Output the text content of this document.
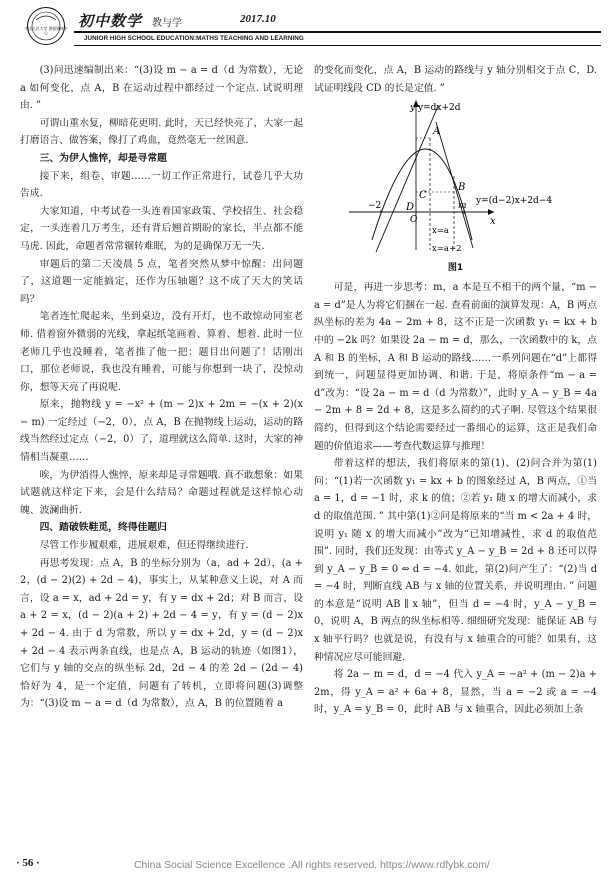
中国人民大学 書報資料中心
初中数学 教与学	2017.10
JUNIOR HIGH SCHOOL EDUCATION:MATHS TEACHING AND LEARNING

(3)问迅速编制出来：“(3)设 m − a = d（d 为常数），无论 a 如何变化，点 A，B 在运动过程中都经过一个定点. 试说明理由. ”

可谓山重水复，柳暗花更明. 此时，天已经快亮了，大家一起打磨语言、做答案，像打了鸡血，竟然毫无一丝困意.

三、为伊人憔悴，却是寻常题

接下来，组卷、审题……一切工作正常进行，试卷几乎大功告成.

大家知道，中考试卷一头连着国家政策、学校招生、社会稳定，一头连着几万考生，还有背后翘首期盼的家长，半点都不能马虎. 因此，命题者常常辗转难眠，为的是确保万无一失.

审题后的第二天凌晨 5 点，笔者突然从梦中惊醒：出问题了，这道题一定能搞定，还作为压轴题？这不成了天大的笑话吗？

笔者连忙爬起来，坐到桌边，没有开灯，也不敢惊动同室老师. 借着窗外微弱的光线，拿起纸笔画着、算着、想着. 此时一位老师几乎也没睡着，笔者推了他一把：题目出问题了！话刚出口，那位老师说，我也没有睡着，可能与你想到一块了，没惊动你，想等天亮了再说呢.

原来，抛物线 y = −x² + (m − 2)x + 2m = −(x + 2)(x − m) 一定经过（−2，0），点 A，B 在抛物线上运动，运动的路线当然经过定点（−2，0）了，道理就这么简单. 这时，大家的神情相当凝重……

唉，为伊消得人憔悴，原来却是寻常题哦. 真不敢想象：如果试题就这样定下来，会是什么结局？命题过程就是这样惊心动魄、波澜曲折.

四、踏破铁鞋觅，终得佳题归

尽管工作步履艰难，进展艰难，但还得继续进行.

再思考发现：点 A，B 的坐标分别为（a，ad + 2d），(a + 2，(d − 2)(2) + 2d − 4)，事实上，从某种意义上说，对 A 而言，设 a = x，ad + 2d = y，有 y = dx + 2d；对 B 而言，设 a + 2 = x，(d − 2)(a + 2) + 2d − 4 = y，有 y = (d − 2)x + 2d − 4. 由于 d 为常数，所以 y = dx + 2d，y = (d − 2)x + 2d − 4 表示两条直线，也是点 A，B 运动的轨迹（如图1），它们与 y 轴的交点的纵坐标 2d，2d − 4 的差 2d − (2d − 4) 恰好为 4，是一个定值，问题有了转机，立即将问题(3)调整为：“(3)设 m − a = d（d 为常数），点 A，B 的位置随着 a

的变化而变化，点 A，B 运动的路线与 y 轴分别相交于点 C，D. 试证明线段 CD 的长是定值. ”

y=dx+2d
y
A
D
C
B
y=(d−2)x+2d−4
−2	m
x
O
x=a
x=a+2
图1

可是，再进一步思考：m，a 本是互不相干的两个量，“m − a = d”是人为将它们捆在一起. 查看前面的演算发现：A，B 两点纵坐标的差为 4a − 2m + 8，这不正是一次函数 y₁ = kx + b 中的 −2k 吗？如果设 2a − m = d，那么，一次函数中的 k，点 A 和 B 的坐标，A 和 B 运动的路线……一系列问题在“d”上都得到统一，问题显得更加协调、和谐. 于是，将原条件“m − a = d”改为：“设 2a − m = d（d 为常数）”，此时 y_A − y_B = 4a − 2m + 8 = 2d + 8，这是多么简约的式子啊. 尽管这个结果很简约，但得到这个结论需要经过一番细心的运算，这正是我们命题的价值追求——考查代数运算与推理！

带着这样的想法，我们将原来的第(1)、(2)问合并为第(1)问：“(1)若一次函数 y₁ = kx + b 的图象经过 A，B 两点，①当 a = 1，d = −1 时，求 k 的值；②若 y₁ 随 x 的增大而减小，求 d 的取值范围. ” 其中第(1)②问是将原来的“当 m < 2a + 4 时，说明 y₁ 随 x 的增大而减小”改为“已知增减性，求 d 的取值范围”. 同时，我们还发现：由等式 y_A − y_B = 2d + 8 还可以得到 y_A − y_B = 0 ⇔ d = −4. 如此，第(2)问产生了：“(2)当 d = −4 时，判断直线 AB 与 x 轴的位置关系，并说明理由. ” 问题的本意是“说明 AB ∥ x 轴”，但当 d = −4 时，y_A − y_B = 0，说明 A，B 两点的纵坐标相等. 细细研究发现：能保证 AB 与 x 轴平行吗？也就是说，有没有与 x 轴重合的可能？如果有，这种情况应尽可能回避.

将 2a − m = d，d = −4 代入 y_A = −a² + (m − 2)a + 2m，得 y_A = a² + 6a + 8，显然，当 a = −2 或 a = −4 时，y_A = y_B = 0，此时 AB 与 x 轴重合，因此必须加上条

· 56 ·	China Social Science Excellence .All rights reserved. https://www.rdfybk.com/
